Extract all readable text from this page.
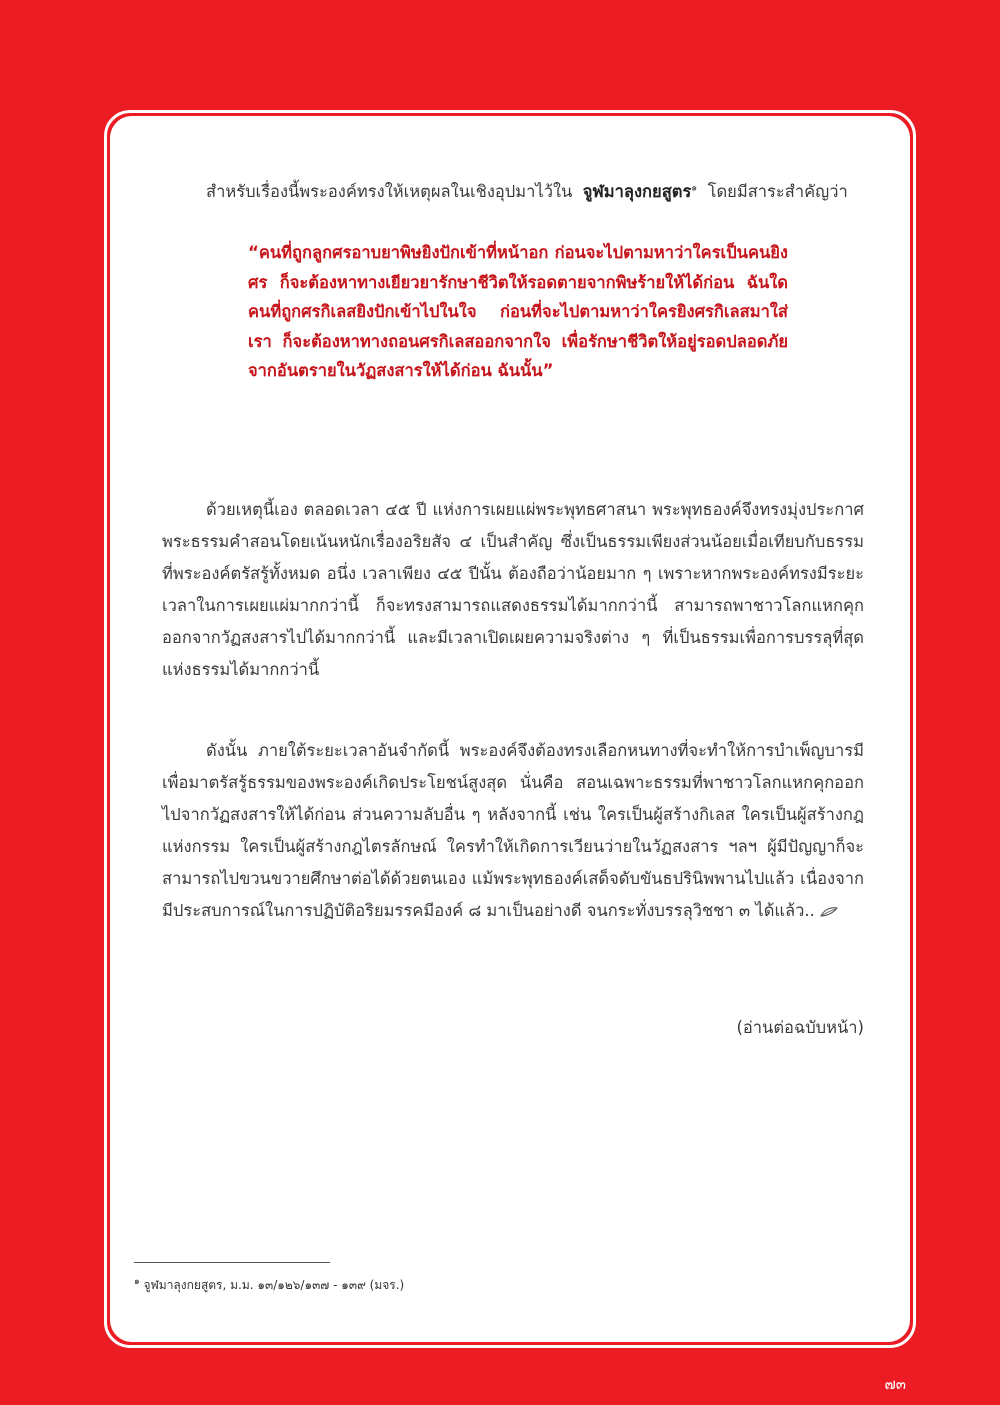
สำหรับเรื่องนี้พระองค์ทรงให้เหตุผลในเชิงอุปมาไว้ใน จูฬมาลุงกยสูตร$^๑$ โดยมีสาระสำคัญว่า

“คนที่ถูกลูกศรอาบยาพิษยิงปักเข้าที่หน้าอก ก่อนจะไปตามหาว่าใครเป็นคนยิงศร ก็จะต้องหาทางเยียวยารักษาชีวิตให้รอดตายจากพิษร้ายให้ได้ก่อน ฉันใด คนที่ถูกศรกิเลสยิงปักเข้าไปในใจ ก่อนที่จะไปตามหาว่าใครยิงศรกิเลสมาใส่เรา ก็จะต้องหาทางถอนศรกิเลสออกจากใจ เพื่อรักษาชีวิตให้อยู่รอดปลอดภัยจากอันตรายในวัฏสงสารให้ได้ก่อน ฉันนั้น”

ด้วยเหตุนี้เอง ตลอดเวลา ๔๕ ปี แห่งการเผยแผ่พระพุทธศาสนา พระพุทธองค์จึงทรงมุ่งประกาศพระธรรมคำสอนโดยเน้นหนักเรื่องอริยสัจ ๔ เป็นสำคัญ ซึ่งเป็นธรรมเพียงส่วนน้อยเมื่อเทียบกับธรรมที่พระองค์ตรัสรู้ทั้งหมด อนึ่ง เวลาเพียง ๔๕ ปีนั้น ต้องถือว่าน้อยมาก ๆ เพราะหากพระองค์ทรงมีระยะเวลาในการเผยแผ่มากกว่านี้ ก็จะทรงสามารถแสดงธรรมได้มากกว่านี้ สามารถพาชาวโลกแหกคุกออกจากวัฏสงสารไปได้มากกว่านี้ และมีเวลาเปิดเผยความจริงต่าง ๆ ที่เป็นธรรมเพื่อการบรรลุที่สุดแห่งธรรมได้มากกว่านี้

ดังนั้น ภายใต้ระยะเวลาอันจำกัดนี้ พระองค์จึงต้องทรงเลือกหนทางที่จะทำให้การบำเพ็ญบารมีเพื่อมาตรัสรู้ธรรมของพระองค์เกิดประโยชน์สูงสุด นั่นคือ สอนเฉพาะธรรมที่พาชาวโลกแหกคุกออกไปจากวัฏสงสารให้ได้ก่อน ส่วนความลับอื่น ๆ หลังจากนี้ เช่น ใครเป็นผู้สร้างกิเลส ใครเป็นผู้สร้างกฎแห่งกรรม ใครเป็นผู้สร้างกฎไตรลักษณ์ ใครทำให้เกิดการเวียนว่ายในวัฏสงสาร ฯลฯ ผู้มีปัญญาก็จะสามารถไปขวนขวายศึกษาต่อได้ด้วยตนเอง แม้พระพุทธองค์เสด็จดับขันธปรินิพพานไปแล้ว เนื่องจากมีประสบการณ์ในการปฏิบัติอริยมรรคมีองค์ ๘ มาเป็นอย่างดี จนกระทั่งบรรลุวิชชา ๓ ได้แล้ว..

(อ่านต่อฉบับหน้า)

$^๑$ จูฬมาลุงกยสูตร, ม.ม. ๑๓/๑๒๖/๑๓๗ - ๑๓๙ (มจร.)

๗๓
